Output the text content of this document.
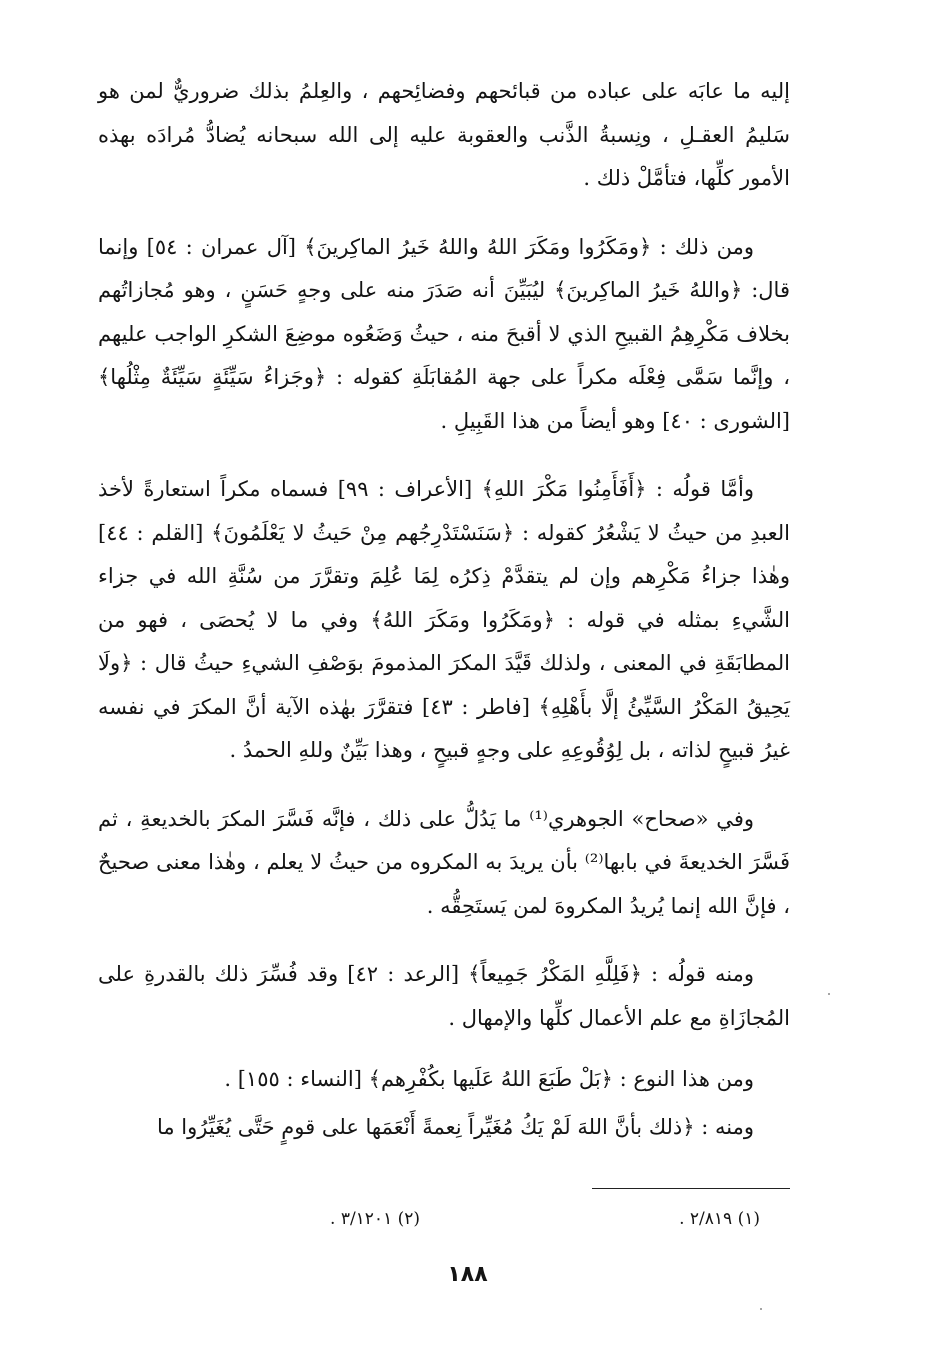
إليه ما عابَه على عباده من قبائحهم وفضائِحهم ، والعِلمُ بذلك ضروريٌّ لمن هو سَليمُ العقـلِ ، ونِسبةُ الذَّنب والعقوبة عليه إلى الله سبحانه يُضادُّ مُرادَه بهذه الأمور كلِّها، فتأمَّلْ ذلك .

ومن ذلك : ﴿ومَكَرُوا ومَكَرَ اللهُ واللهُ خَيرُ الماكِرينَ﴾ [آل عمران : ٥٤] وإنما قال: ﴿واللهُ خَيرُ الماكِرينَ﴾ ليُبَيِّنَ أنه صَدَرَ منه على وجهٍ حَسَنٍ ، وهو مُجازاتُهم بخلاف مَكْرِهِمُ القبيحِ الذي لا أقبحَ منه ، حيثُ وَضَعُوه موضِعَ الشكرِ الواجب عليهم ، وإنَّما سَمَّى فِعْلَه مكراً على جهة المُقابَلَةِ كقوله : ﴿وجَزاءُ سَيِّئَةٍ سَيِّئَةٌ مِثْلُها﴾ [الشورى : ٤٠] وهو أيضاً من هذا القَبِيلِ .

وأمَّا قولُه : ﴿أَفَأَمِنُوا مَكْرَ اللهِ﴾ [الأعراف : ٩٩] فسماه مكراً استعارةً لأخذ العبدِ من حيثُ لا يَشْعُرُ كقوله : ﴿سَنَسْتَدْرِجُهم مِنْ حَيثُ لا يَعْلَمُونَ﴾ [القلم : ٤٤] وهٰذا جزاءُ مَكْرِهم وإن لم يتقدَّمْ ذِكرُه لِمَا عُلِمَ وتقرَّرَ من سُنَّةِ الله في جزاء الشَّيءِ بمثله في قوله : ﴿ومَكَرُوا ومَكَرَ اللهُ﴾ وفي ما لا يُحصَى ، فهو من المطابَقَةِ في المعنى ، ولذلك قَيَّدَ المكرَ المذمومَ بوَصْفِ الشيءِ حيثُ قال : ﴿ولَا يَحِيقُ المَكْرُ السَّيِّئُ إلَّا بأَهْلِهِ﴾ [فاطر : ٤٣] فتقرَّرَ بهٰذه الآية أنَّ المكرَ في نفسه غيرُ قبيحٍ لذاته ، بل لِوُقُوعِهِ على وجهٍ قبيحٍ ، وهذا بَيِّنٌ وللهِ الحمدُ .

وفي «صحاح» الجوهري⁽¹⁾ ما يَدُلُّ على ذلك ، فإنَّه فَسَّرَ المكرَ بالخديعةِ ، ثم فَسَّرَ الخديعةَ في بابها⁽²⁾ بأن يريدَ به المكروه من حيثُ لا يعلم ، وهٰذا معنى صحيحٌ ، فإنَّ الله إنما يُريدُ المكروهَ لمن يَستَحِقُّه .

ومنه قولُه : ﴿فَلِلَّهِ المَكْرُ جَمِيعاً﴾ [الرعد : ٤٢] وقد فُسِّرَ ذلك بالقدرةِ على المُجازَاةِ مع علم الأعمال كلِّها والإمهال .

ومن هذا النوع : ﴿بَلْ طَبَعَ اللهُ عَلَيها بكُفْرِهم﴾ [النساء : ١٥٥] .

ومنه : ﴿ذلك بأنَّ اللهَ لَمْ يَكُ مُغَيِّراً نِعمةً أَنْعَمَها على قومٍ حَتَّى يُغَيِّرُوا ما

(١) ٢/٨١٩ .
(٢) ٣/١٢٠١ .
١٨٨
